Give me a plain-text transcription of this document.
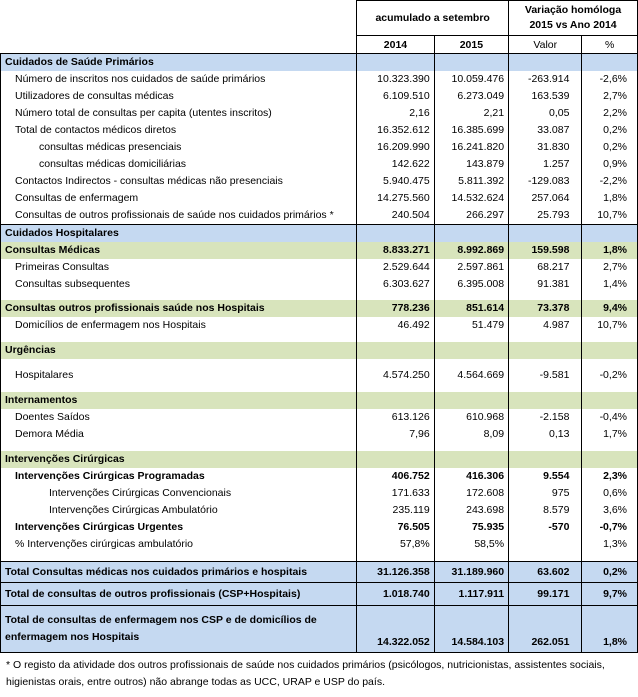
	acumulado a setembro		Variação homóloga 2015 vs Ano 2014	
	2014	2015	Valor	%
Cuidados de Saúde Primários				
Número de inscritos nos cuidados de saúde primários	10.323.390	10.059.476	-263.914	-2,6%
Utilizadores de consultas médicas	6.109.510	6.273.049	163.539	2,7%
Número total de consultas per capita (utentes inscritos)	2,16	2,21	0,05	2,2%
Total de contactos médicos diretos	16.352.612	16.385.699	33.087	0,2%
consultas médicas presenciais	16.209.990	16.241.820	31.830	0,2%
consultas médicas domiciliárias	142.622	143.879	1.257	0,9%
Contactos Indirectos - consultas médicas não presenciais	5.940.475	5.811.392	-129.083	-2,2%
Consultas de enfermagem	14.275.560	14.532.624	257.064	1,8%
Consultas de outros profissionais de saúde nos cuidados primários *	240.504	266.297	25.793	10,7%
Cuidados Hospitalares				
Consultas Médicas	8.833.271	8.992.869	159.598	1,8%
Primeiras Consultas	2.529.644	2.597.861	68.217	2,7%
Consultas subsequentes	6.303.627	6.395.008	91.381	1,4%

Consultas outros profissionais saúde nos Hospitais	778.236	851.614	73.378	9,4%
Domicílios de enfermagem nos Hospitais	46.492	51.479	4.987	10,7%

Urgências				

Hospitalares	4.574.250	4.564.669	-9.581	-0,2%

Internamentos				
Doentes Saídos	613.126	610.968	-2.158	-0,4%
Demora Média	7,96	8,09	0,13	1,7%

Intervenções Cirúrgicas				
Intervenções Cirúrgicas Programadas	406.752	416.306	9.554	2,3%
Intervenções Cirúrgicas Convencionais	171.633	172.608	975	0,6%
Intervenções Cirúrgicas Ambulatório	235.119	243.698	8.579	3,6%
Intervenções Cirúrgicas Urgentes	76.505	75.935	-570	-0,7%
% Intervenções cirúrgicas ambulatório	57,8%	58,5%		1,3%

Total Consultas médicas nos cuidados primários e hospitais	31.126.358	31.189.960	63.602	0,2%
Total de consultas de outros profissionais (CSP+Hospitais)	1.018.740	1.117.911	99.171	9,7%
Total de consultas de enfermagem nos CSP e de domicílios de enfermagem nos Hospitais	14.322.052	14.584.103	262.051	1,8%
* O registo da atividade dos outros profissionais de saúde nos cuidados primários (psicólogos, nutricionistas, assistentes sociais, higienistas orais, entre outros) não abrange todas as UCC, URAP e USP do país.
